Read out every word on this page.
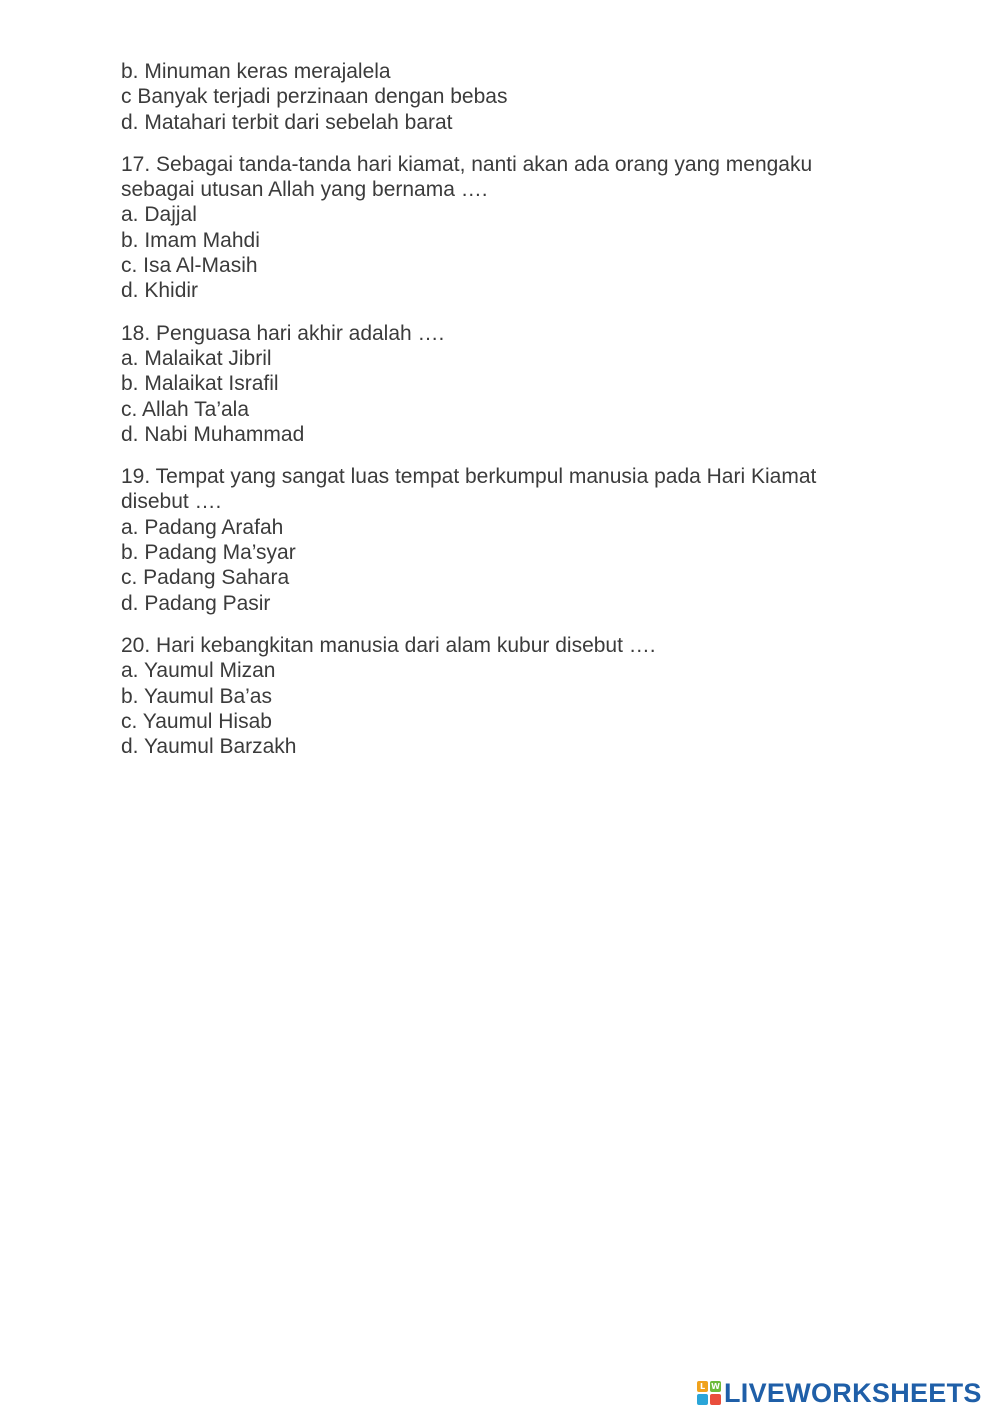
b. Minuman keras merajalela
c Banyak terjadi perzinaan dengan bebas
d. Matahari terbit dari sebelah barat
17. Sebagai tanda-tanda hari kiamat, nanti akan ada orang yang mengaku sebagai utusan Allah yang bernama ….
a. Dajjal
b. Imam Mahdi
c. Isa Al-Masih
d. Khidir
18. Penguasa hari akhir adalah ….
a. Malaikat Jibril
b. Malaikat Israfil
c. Allah Ta’ala
d. Nabi Muhammad
19. Tempat yang sangat luas tempat berkumpul manusia pada Hari Kiamat disebut ….
a. Padang Arafah
b. Padang Ma’syar
c. Padang Sahara
d. Padang Pasir
20. Hari kebangkitan manusia dari alam kubur disebut ….
a. Yaumul Mizan
b. Yaumul Ba’as
c. Yaumul Hisab
d. Yaumul Barzakh
L W LIVEWORKSHEETS
